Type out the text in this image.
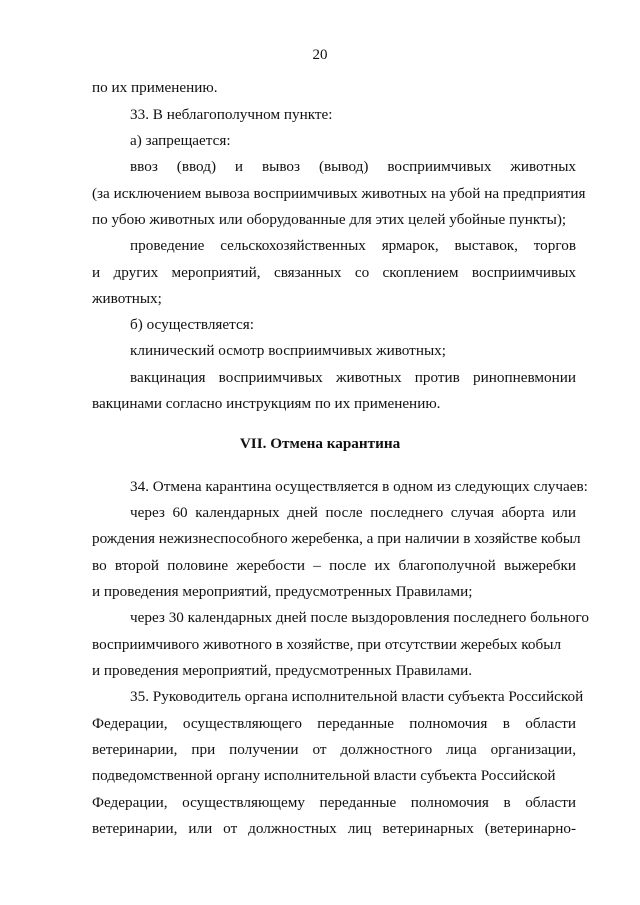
20
по их применению.
33. В неблагополучном пункте:
а) запрещается:
ввоз (ввод) и вывоз (вывод) восприимчивых животных
(за исключением вывоза восприимчивых животных на убой на предприятия
по убою животных или оборудованные для этих целей убойные пункты);
проведение сельскохозяйственных ярмарок, выставок, торгов
и других мероприятий, связанных со скоплением восприимчивых
животных;
б) осуществляется:
клинический осмотр восприимчивых животных;
вакцинация восприимчивых животных против ринопневмонии
вакцинами согласно инструкциям по их применению.
VII. Отмена карантина
34. Отмена карантина осуществляется в одном из следующих случаев:
через 60 календарных дней после последнего случая аборта или
рождения нежизнеспособного жеребенка, а при наличии в хозяйстве кобыл
во второй половине жеребости – после их благополучной выжеребки
и проведения мероприятий, предусмотренных Правилами;
через 30 календарных дней после выздоровления последнего больного
восприимчивого животного в хозяйстве, при отсутствии жеребых кобыл
и проведения мероприятий, предусмотренных Правилами.
35. Руководитель органа исполнительной власти субъекта Российской
Федерации, осуществляющего переданные полномочия в области
ветеринарии, при получении от должностного лица организации,
подведомственной органу исполнительной власти субъекта Российской
Федерации, осуществляющему переданные полномочия в области
ветеринарии, или от должностных лиц ветеринарных (ветеринарно-
